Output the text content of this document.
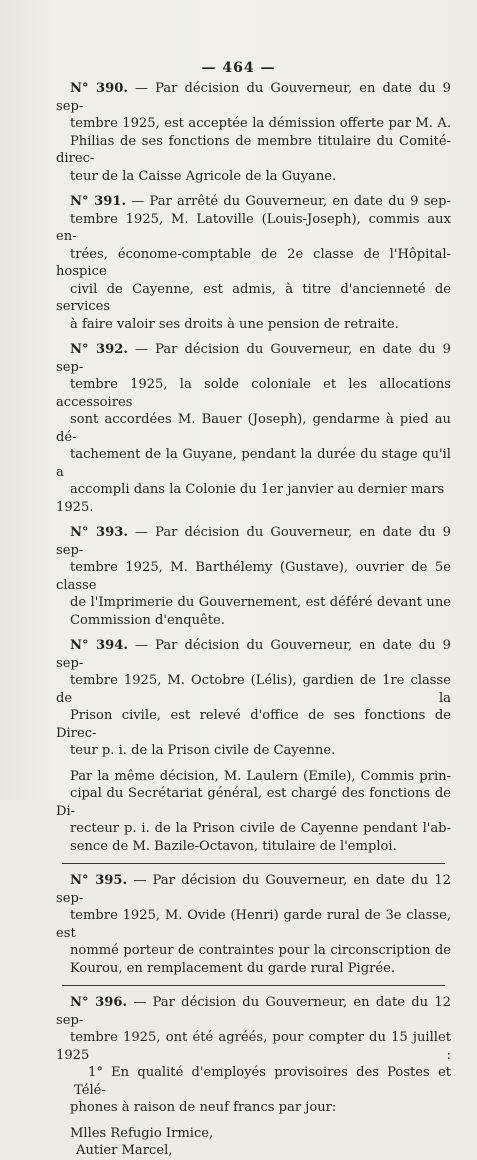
— 464 —
N° 390. — Par décision du Gouverneur, en date du 9 sep-
tembre 1925, est acceptée la démission offerte par M. A.
Philias de ses fonctions de membre titulaire du Comité-direc-
teur de la Caisse Agricole de la Guyane.
N° 391. — Par arrêté du Gouverneur, en date du 9 sep-
tembre 1925, M. Latoville (Louis-Joseph), commis aux en-
trées, économe-comptable de 2e classe de l'Hôpital-hospice
civil de Cayenne, est admis, à titre d'ancienneté de services
à faire valoir ses droits à une pension de retraite.
N° 392. — Par décision du Gouverneur, en date du 9 sep-
tembre 1925, la solde coloniale et les allocations accessoires
sont accordées M. Bauer (Joseph), gendarme à pied au dé-
tachement de la Guyane, pendant la durée du stage qu'il a
accompli dans la Colonie du 1er janvier au dernier mars 1925.
N° 393. — Par décision du Gouverneur, en date du 9 sep-
tembre 1925, M. Barthélemy (Gustave), ouvrier de 5e classe
de l'Imprimerie du Gouvernement, est déféré devant une
Commission d'enquête.
N° 394. — Par décision du Gouverneur, en date du 9 sep-
tembre 1925, M. Octobre (Lélis), gardien de 1re classe de la
Prison civile, est relevé d'office de ses fonctions de Direc-
teur p. i. de la Prison civile de Cayenne.
Par la même décision, M. Laulern (Emile), Commis prin-
cipal du Secrétariat général, est chargé des fonctions de Di-
recteur p. i. de la Prison civile de Cayenne pendant l'ab-
sence de M. Bazile-Octavon, titulaire de l'emploi.
N° 395. — Par décision du Gouverneur, en date du 12 sep-
tembre 1925, M. Ovide (Henri) garde rural de 3e classe, est
nommé porteur de contraintes pour la circonscription de
Kourou, en remplacement du garde rural Pigrée.
N° 396. — Par décision du Gouverneur, en date du 12 sep-
tembre 1925, ont été agréés, pour compter du 15 juillet 1925 :
1° En qualité d'employés provisoires des Postes et Télé-
phones à raison de neuf francs par jour:
Mlles Refugio Irmice,
Autier Marcel,
